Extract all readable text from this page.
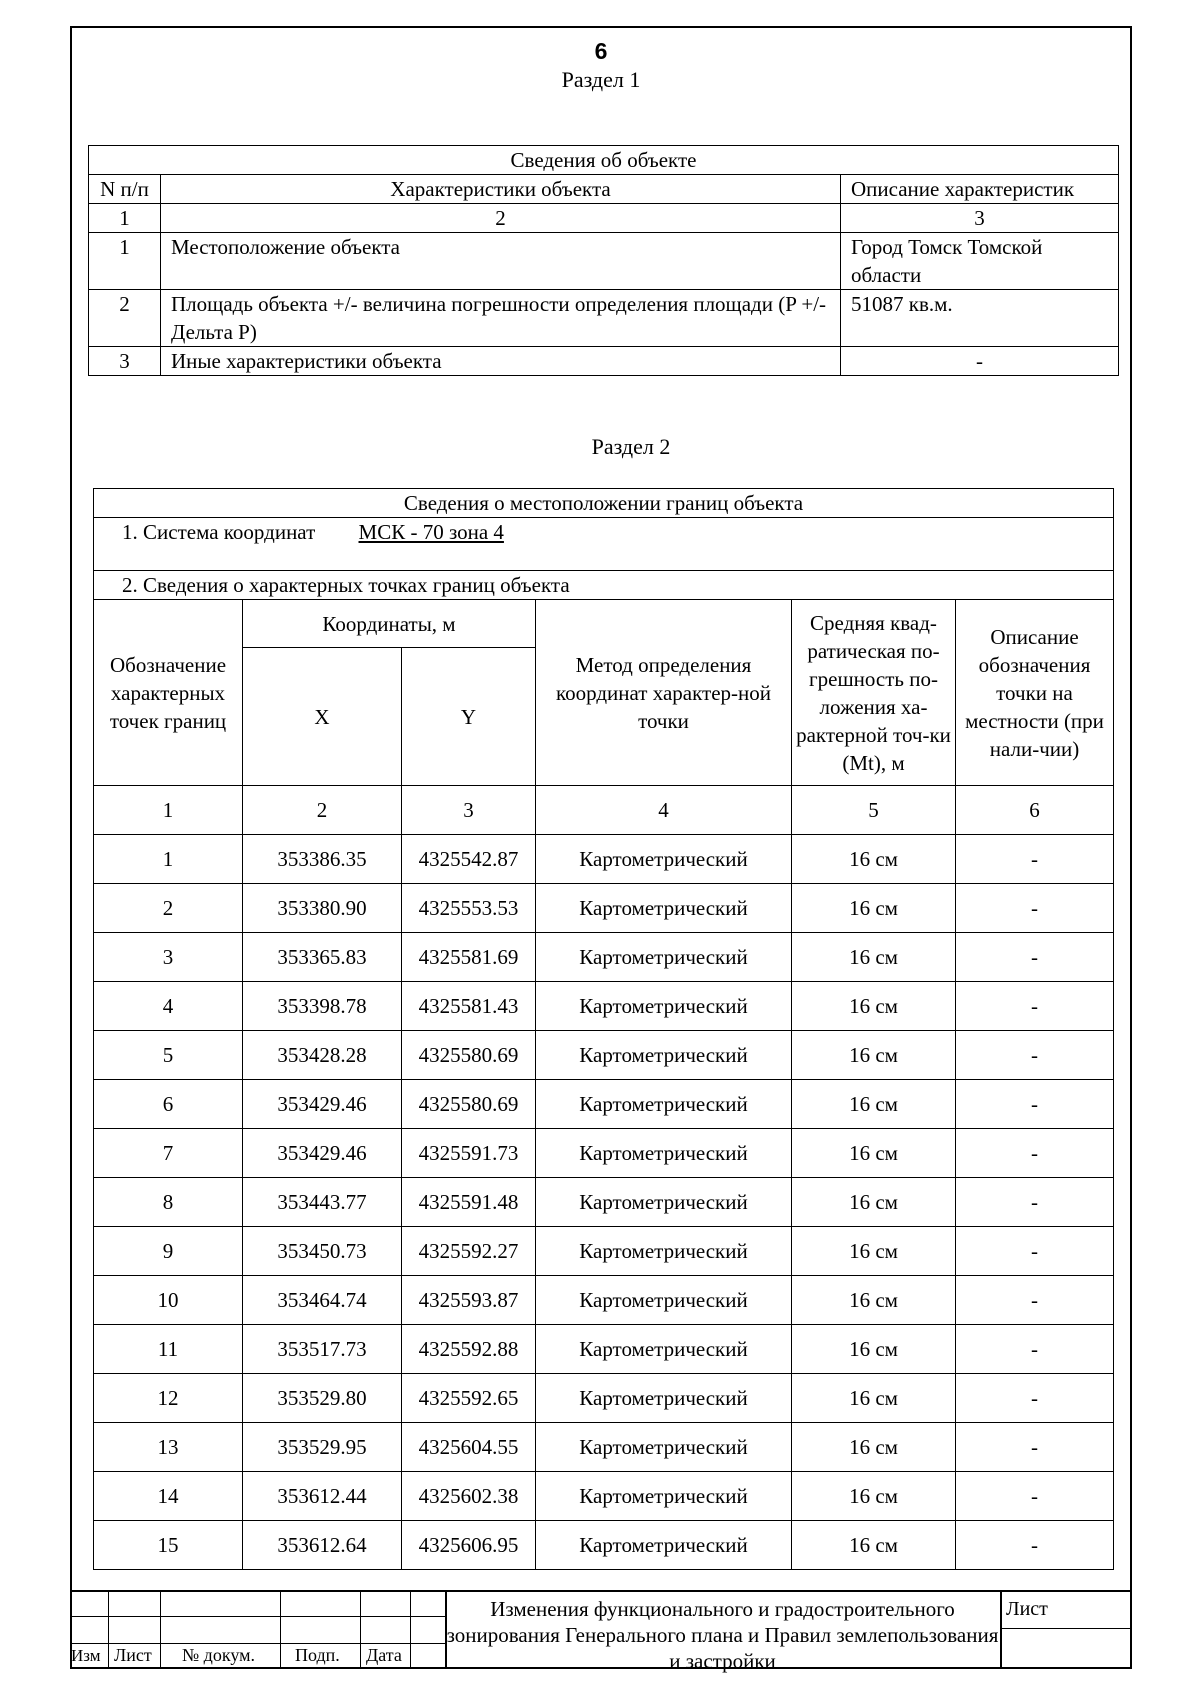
6
Раздел 1
Раздел 2
Сведения об объекте		
N п/п	Характеристики объекта	Описание характеристик
1	2	3
1	Местоположение объекта	Город Томск Томской области
2	Площадь объекта +/- величина погрешности определения площади (P +/- Дельта P)	51087 кв.м.
3	Иные характеристики объекта	-
Сведения о местоположении границ объекта					
1. Система координат МСК - 70 зона 4					
2. Сведения о характерных точках границ объекта					
Обозначение характерных точек границ	Координаты, м		Метод определения координат характер-ной точки	Средняя квад-ратическая по-грешность по-ложения ха-рактерной точ-ки (Mt), м	Описание обозначения точки на местности (при нали-чии)
	X	Y			
1	2	3	4	5	6
1	353386.35	4325542.87	Картометрический	16 см	-
2	353380.90	4325553.53	Картометрический	16 см	-
3	353365.83	4325581.69	Картометрический	16 см	-
4	353398.78	4325581.43	Картометрический	16 см	-
5	353428.28	4325580.69	Картометрический	16 см	-
6	353429.46	4325580.69	Картометрический	16 см	-
7	353429.46	4325591.73	Картометрический	16 см	-
8	353443.77	4325591.48	Картометрический	16 см	-
9	353450.73	4325592.27	Картометрический	16 см	-
10	353464.74	4325593.87	Картометрический	16 см	-
11	353517.73	4325592.88	Картометрический	16 см	-
12	353529.80	4325592.65	Картометрический	16 см	-
13	353529.95	4325604.55	Картометрический	16 см	-
14	353612.44	4325602.38	Картометрический	16 см	-
15	353612.64	4325606.95	Картометрический	16 см	-
Изм Лист № докум. Подп. Дата
Изменения функционального и градостроительного зонирования Генерального плана и Правил землепользования и застройки
Лист
